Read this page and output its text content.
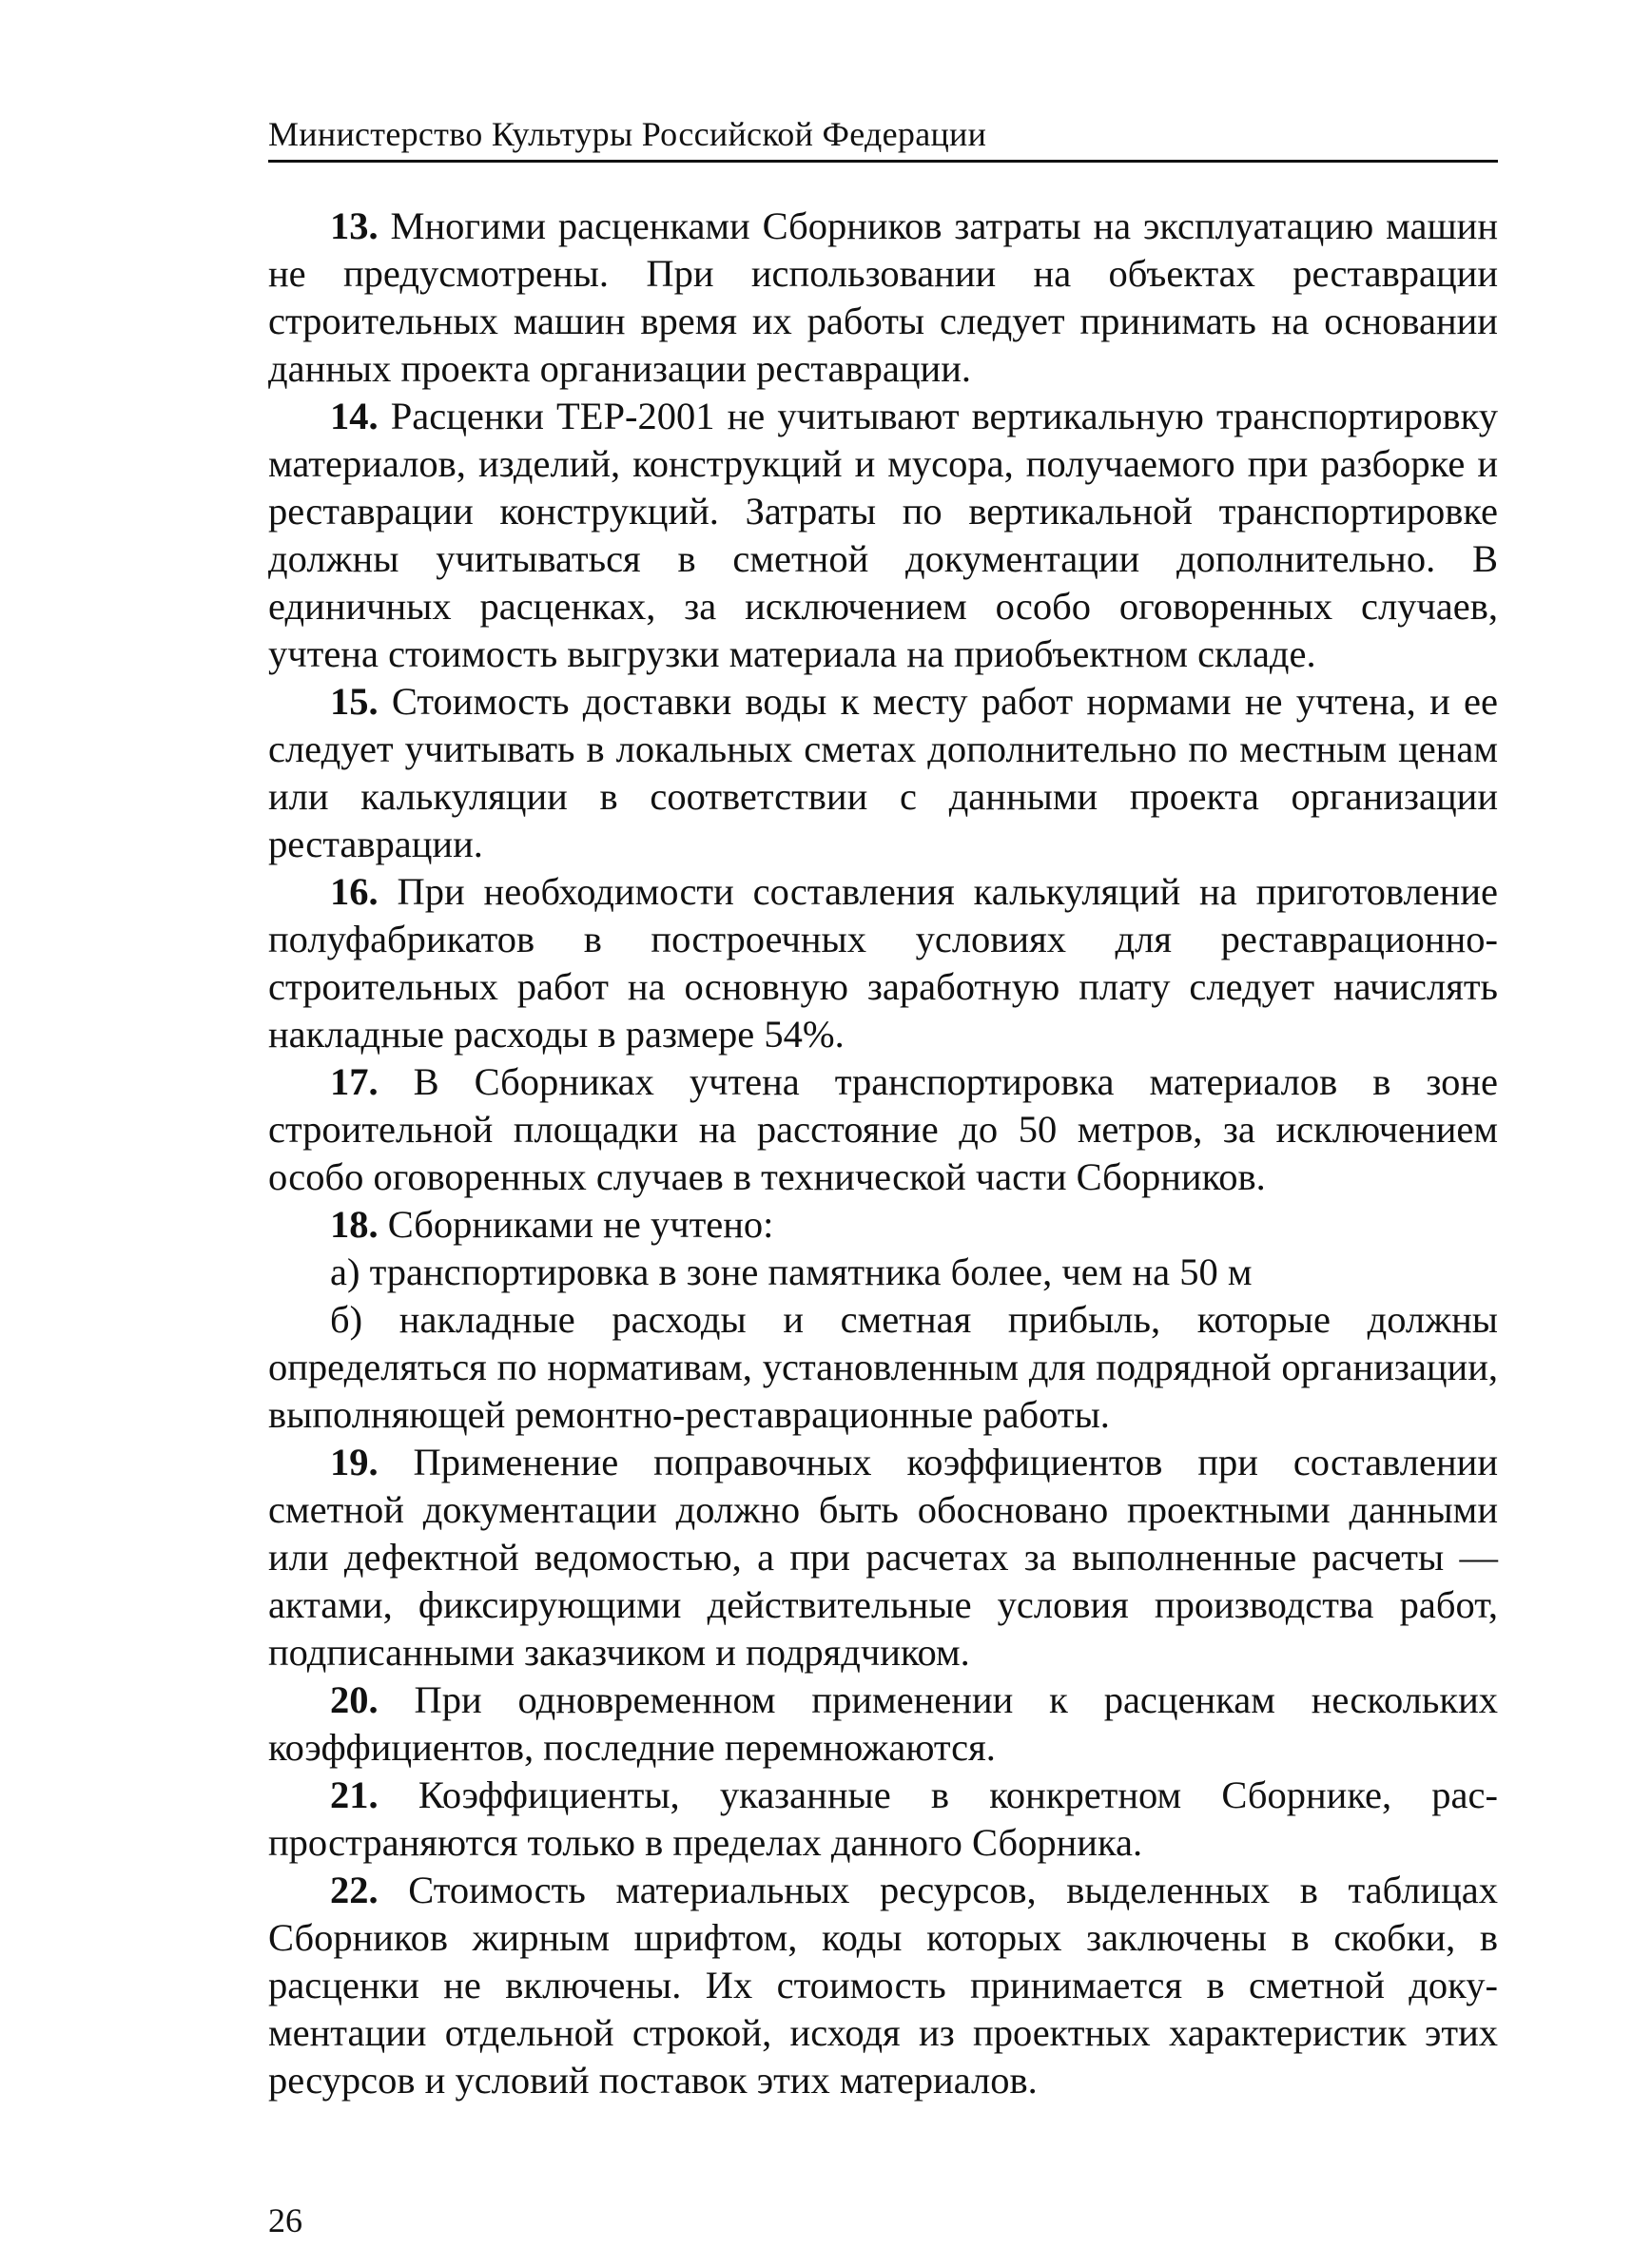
Министерство Культуры Российской Федерации

13. Многими расценками Сборников затраты на эксплуатацию машин не предусмотрены. При использовании на объектах реставрации строительных машин время их работы следует принимать на основании данных проекта организации реставрации.

14. Расценки ТЕР-2001 не учитывают вертикальную транспортировку материалов, изделий, конструкций и мусора, получаемого при разборке и реставрации конструкций. Затраты по вертикальной транспортировке должны учитываться в сметной документации дополнительно. В единичных расценках, за исключением особо оговоренных случаев, учтена стоимость выгрузки материала на приобъектном складе.

15. Стоимость доставки воды к месту работ нормами не учтена, и ее следует учитывать в локальных сметах дополнительно по местным ценам или калькуляции в соответствии с данными проекта организации реставрации.

16. При необходимости составления калькуляций на приготовление полуфабрикатов в построечных условиях для реставрационно-строительных работ на основную заработную плату следует начислять накладные расходы в размере 54%.

17. В Сборниках учтена транспортировка материалов в зоне строительной площадки на расстояние до 50 метров, за исключением особо оговоренных случаев в технической части Сборников.

18. Сборниками не учтено:

а) транспортировка в зоне памятника более, чем на 50 м

б) накладные расходы и сметная прибыль, которые должны определяться по нормативам, установленным для подрядной организации, выполняющей ремонтно-реставрационные работы.

19. Применение поправочных коэффициентов при составлении сметной документации должно быть обосновано проектными данными или дефектной ведомостью, а при расчетах за выполненные расчеты — актами, фиксирующими действительные условия производства работ, подписанными заказчиком и подрядчиком.

20. При одновременном применении к расценкам нескольких коэффициентов, последние перемножаются.

21. Коэффициенты, указанные в конкретном Сборнике, распространяются только в пределах данного Сборника.

22. Стоимость материальных ресурсов, выделенных в таблицах Сборников жирным шрифтом, коды которых заключены в скобки, в расценки не включены. Их стоимость принимается в сметной документации отдельной строкой, исходя из проектных характеристик этих ресурсов и условий поставок этих материалов.

26
